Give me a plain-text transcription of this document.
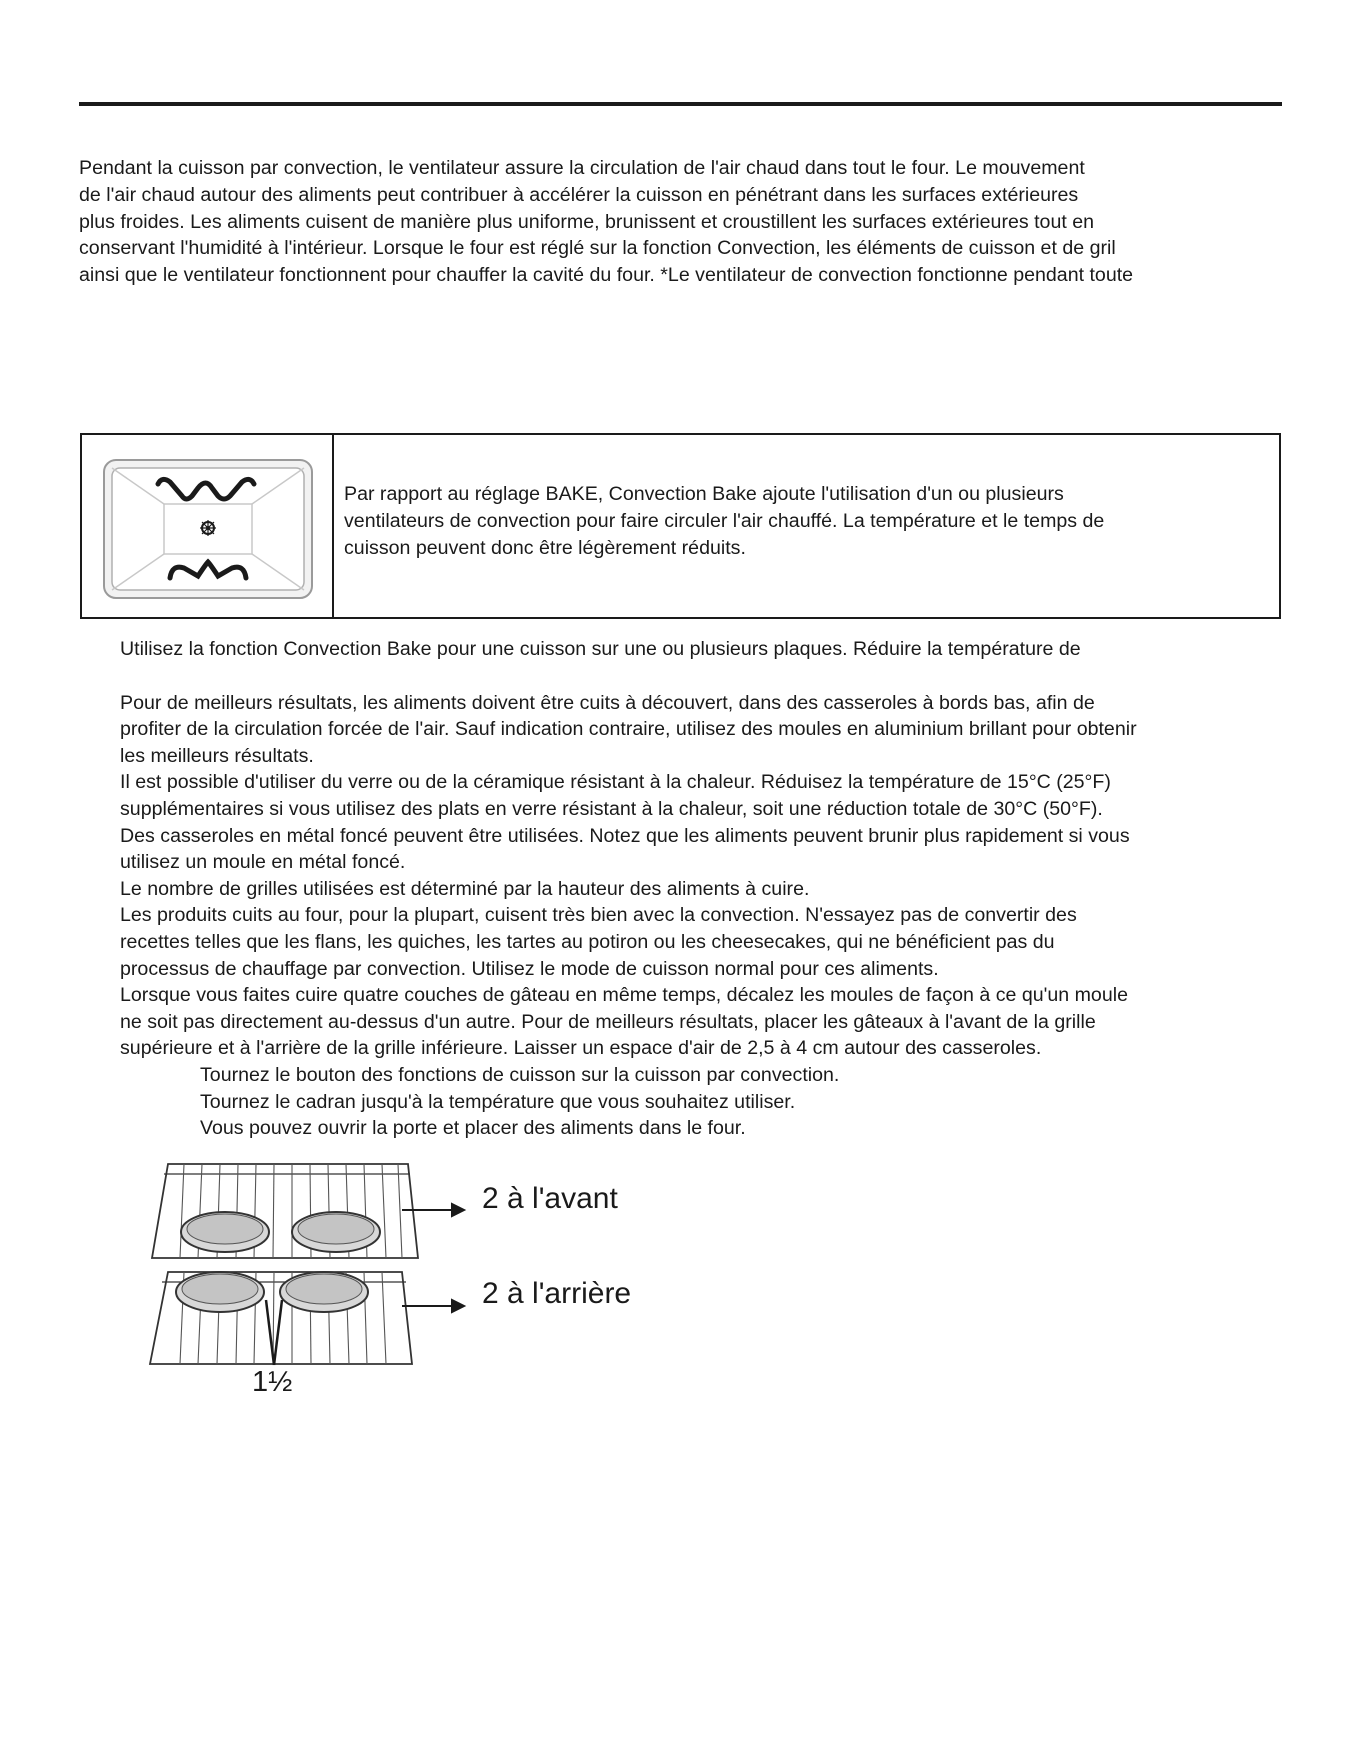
Pendant la cuisson par convection, le ventilateur assure la circulation de l'air chaud dans tout le four. Le mouvement
de l'air chaud autour des aliments peut contribuer à accélérer la cuisson en pénétrant dans les surfaces extérieures
plus froides. Les aliments cuisent de manière plus uniforme, brunissent et croustillent les surfaces extérieures tout en
conservant l'humidité à l'intérieur. Lorsque le four est réglé sur la fonction Convection, les éléments de cuisson et de gril
ainsi que le ventilateur fonctionnent pour chauffer la cavité du four. *Le ventilateur de convection fonctionne pendant toute
Par rapport au réglage BAKE, Convection Bake ajoute l'utilisation d'un ou plusieurs
ventilateurs de convection pour faire circuler l'air chauffé. La température et le temps de
cuisson peuvent donc être légèrement réduits.
Utilisez la fonction Convection Bake pour une cuisson sur une ou plusieurs plaques. Réduire la température de
Pour de meilleurs résultats, les aliments doivent être cuits à découvert, dans des casseroles à bords bas, afin de
profiter de la circulation forcée de l'air. Sauf indication contraire, utilisez des moules en aluminium brillant pour obtenir
les meilleurs résultats.
Il est possible d'utiliser du verre ou de la céramique résistant à la chaleur. Réduisez la température de 15°C (25°F)
supplémentaires si vous utilisez des plats en verre résistant à la chaleur, soit une réduction totale de 30°C (50°F).
Des casseroles en métal foncé peuvent être utilisées. Notez que les aliments peuvent brunir plus rapidement si vous
utilisez un moule en métal foncé.
Le nombre de grilles utilisées est déterminé par la hauteur des aliments à cuire.
Les produits cuits au four, pour la plupart, cuisent très bien avec la convection. N'essayez pas de convertir des
recettes telles que les flans, les quiches, les tartes au potiron ou les cheesecakes, qui ne bénéficient pas du
processus de chauffage par convection. Utilisez le mode de cuisson normal pour ces aliments.
Lorsque vous faites cuire quatre couches de gâteau en même temps, décalez les moules de façon à ce qu'un moule
ne soit pas directement au-dessus d'un autre. Pour de meilleurs résultats, placer les gâteaux à l'avant de la grille
supérieure et à l'arrière de la grille inférieure. Laisser un espace d'air de 2,5 à 4 cm autour des casseroles.
Tournez le bouton des fonctions de cuisson sur la cuisson par convection.
Tournez le cadran jusqu'à la température que vous souhaitez utiliser.
Vous pouvez ouvrir la porte et placer des aliments dans le four.
2 à l'avant
2 à l'arrière
1½
